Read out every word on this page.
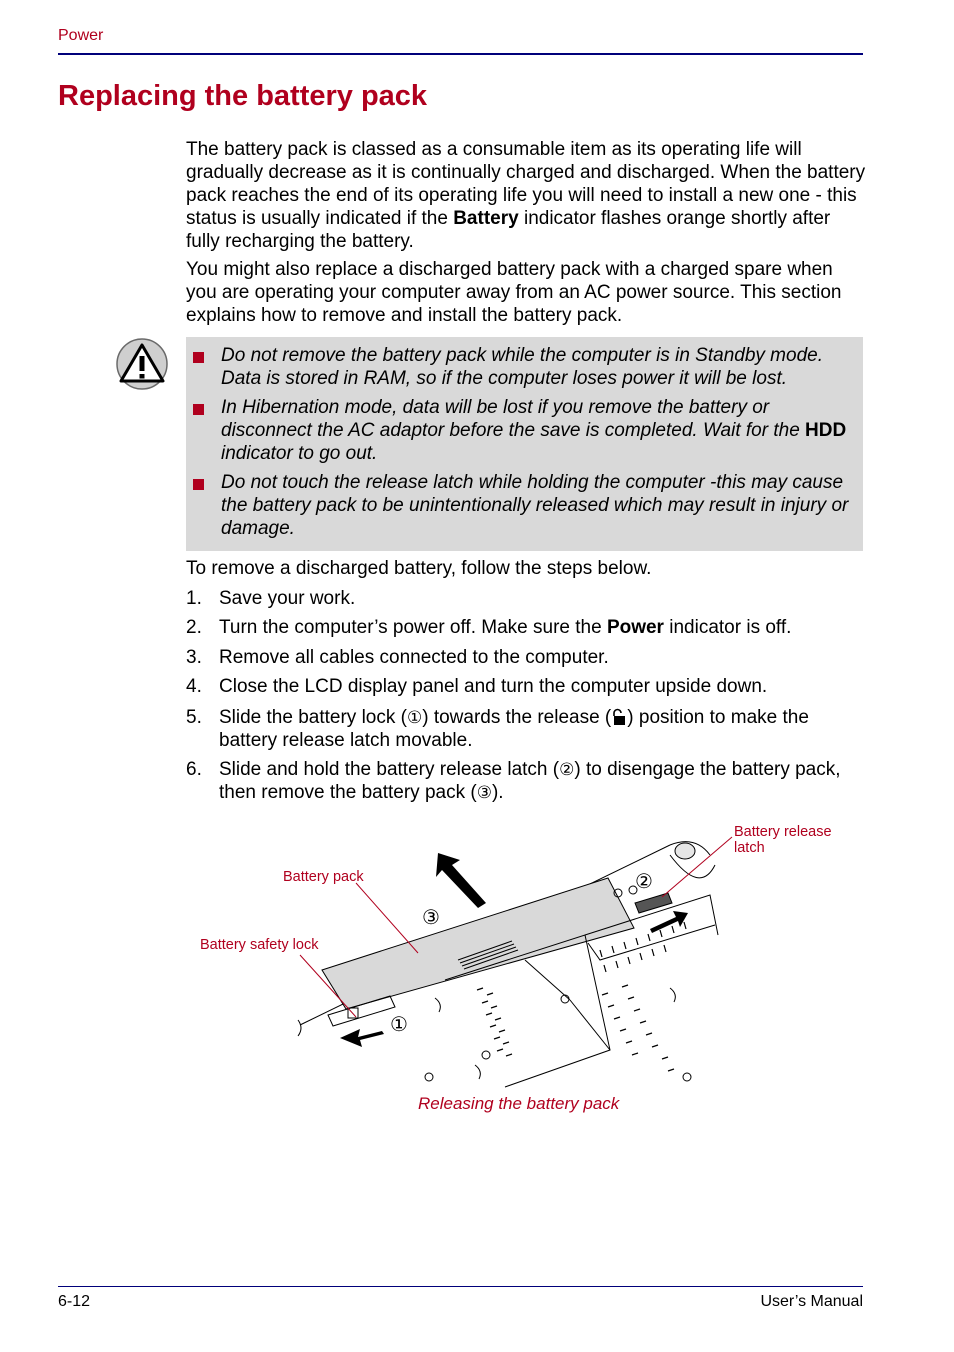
Power
Replacing the battery pack

The battery pack is classed as a consumable item as its operating life will gradually decrease as it is continually charged and discharged. When the battery pack reaches the end of its operating life you will need to install a new one - this status is usually indicated if the Battery indicator flashes orange shortly after fully recharging the battery.

You might also replace a discharged battery pack with a charged spare when you are operating your computer away from an AC power source. This section explains how to remove and install the battery pack.

Do not remove the battery pack while the computer is in Standby mode. Data is stored in RAM, so if the computer loses power it will be lost.

In Hibernation mode, data will be lost if you remove the battery or disconnect the AC adaptor before the save is completed. Wait for the HDD indicator to go out.

Do not touch the release latch while holding the computer -this may cause the battery pack to be unintentionally released which may result in injury or damage.

To remove a discharged battery, follow the steps below.

1. Save your work.
2. Turn the computer’s power off. Make sure the Power indicator is off.
3. Remove all cables connected to the computer.
4. Close the LCD display panel and turn the computer upside down.
5. Slide the battery lock (①) towards the release ( ) position to make the battery release latch movable.
6. Slide and hold the battery release latch (②) to disengage the battery pack, then remove the battery pack (③).
Battery release
latch
Battery pack
Battery safety lock
②
③
①
Releasing the battery pack
6-12	User’s Manual
